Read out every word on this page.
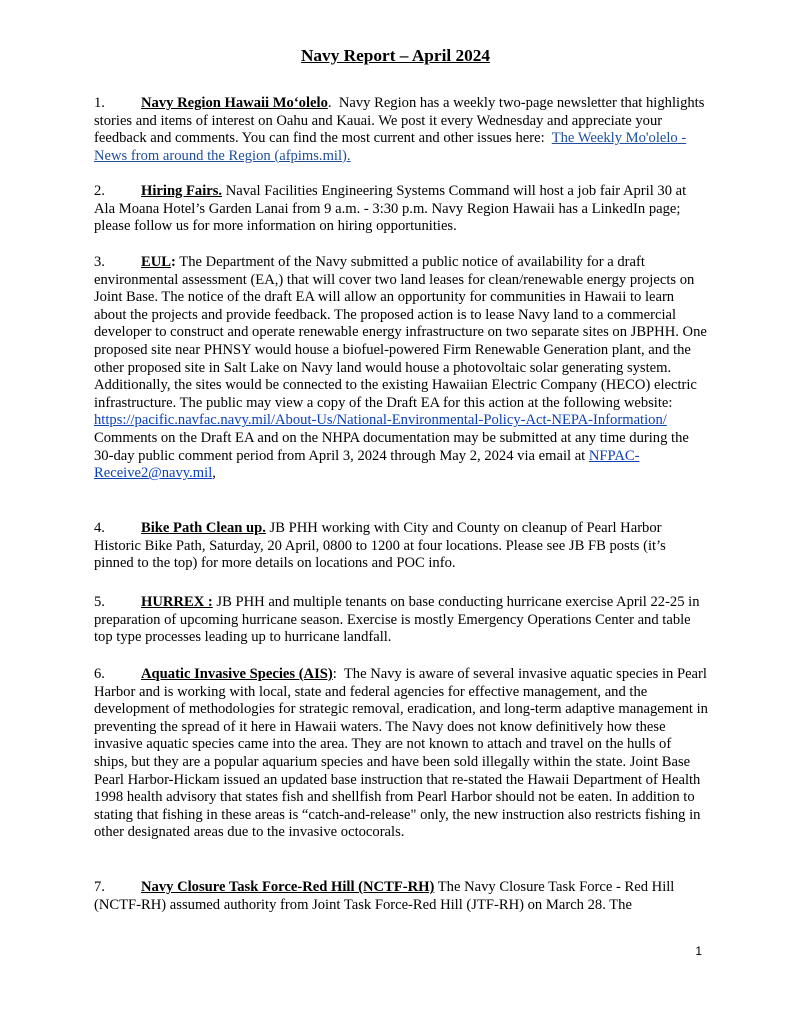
Navy Report – April 2024

1. Navy Region Hawaii Mo‘olelo. Navy Region has a weekly two-page newsletter that highlights stories and items of interest on Oahu and Kauai. We post it every Wednesday and appreciate your feedback and comments. You can find the most current and other issues here: The Weekly Mo'olelo - News from around the Region (afpims.mil).

2. Hiring Fairs. Naval Facilities Engineering Systems Command will host a job fair April 30 at Ala Moana Hotel’s Garden Lanai from 9 a.m. - 3:30 p.m. Navy Region Hawaii has a LinkedIn page; please follow us for more information on hiring opportunities.

3. EUL: The Department of the Navy submitted a public notice of availability for a draft environmental assessment (EA,) that will cover two land leases for clean/renewable energy projects on Joint Base. The notice of the draft EA will allow an opportunity for communities in Hawaii to learn about the projects and provide feedback. The proposed action is to lease Navy land to a commercial developer to construct and operate renewable energy infrastructure on two separate sites on JBPHH. One proposed site near PHNSY would house a biofuel-powered Firm Renewable Generation plant, and the other proposed site in Salt Lake on Navy land would house a photovoltaic solar generating system. Additionally, the sites would be connected to the existing Hawaiian Electric Company (HECO) electric infrastructure. The public may view a copy of the Draft EA for this action at the following website:    https://pacific.navfac.navy.mil/About-Us/National-Environmental-Policy-Act-NEPA-Information/ Comments on the Draft EA and on the NHPA documentation may be submitted at any time during the 30-day public comment period from April 3, 2024 through May 2, 2024 via email at NFPAC-Receive2@navy.mil,

4. Bike Path Clean up. JB PHH working with City and County on cleanup of Pearl Harbor Historic Bike Path, Saturday, 20 April, 0800 to 1200 at four locations. Please see JB FB posts (it’s pinned to the top) for more details on locations and POC info.

5. HURREX : JB PHH and multiple tenants on base conducting hurricane exercise April 22-25 in preparation of upcoming hurricane season. Exercise is mostly Emergency Operations Center and table top type processes leading up to hurricane landfall.

6. Aquatic Invasive Species (AIS): The Navy is aware of several invasive aquatic species in Pearl Harbor and is working with local, state and federal agencies for effective management, and the development of methodologies for strategic removal, eradication, and long-term adaptive management in preventing the spread of it here in Hawaii waters. The Navy does not know definitively how these invasive aquatic species came into the area. They are not known to attach and travel on the hulls of ships, but they are a popular aquarium species and have been sold illegally within the state. Joint Base Pearl Harbor-Hickam issued an updated base instruction that re-stated the Hawaii Department of Health 1998 health advisory that states fish and shellfish from Pearl Harbor should not be eaten. In addition to stating that fishing in these areas is “catch-and-release" only, the new instruction also restricts fishing in other designated areas due to the invasive octocorals.

7. Navy Closure Task Force-Red Hill (NCTF-RH) The Navy Closure Task Force - Red Hill (NCTF-RH) assumed authority from Joint Task Force-Red Hill (JTF-RH) on March 28. The

1
